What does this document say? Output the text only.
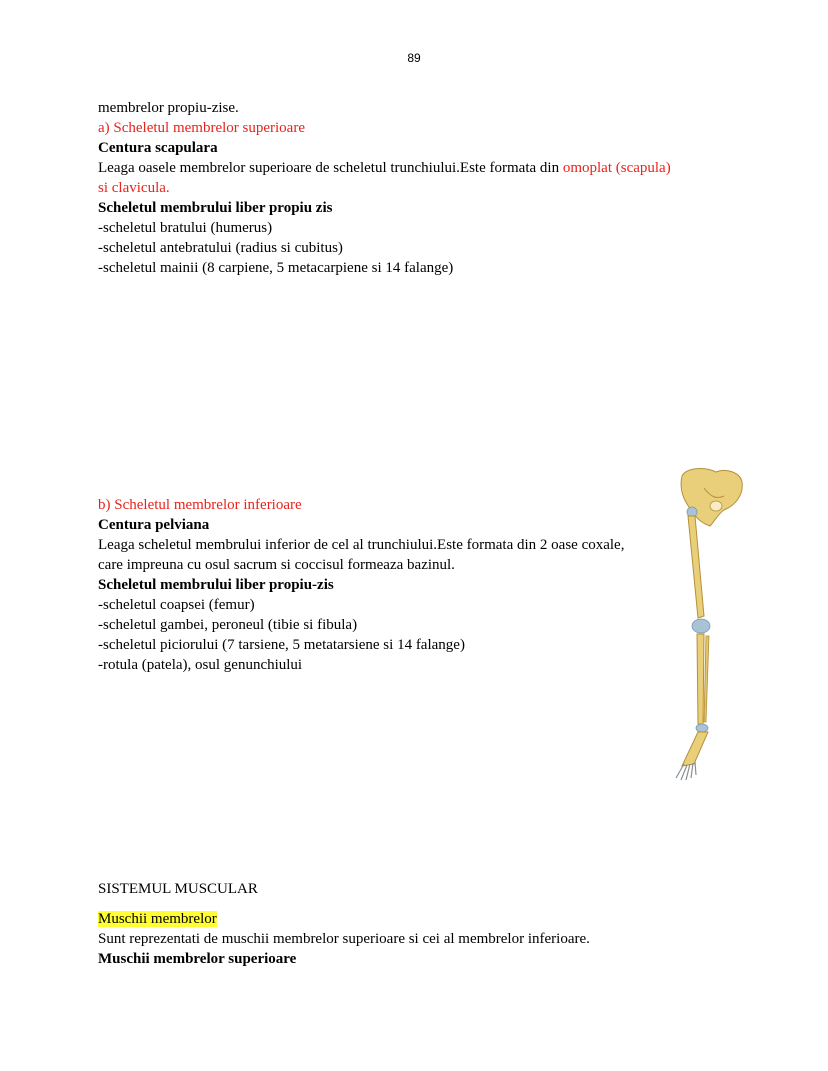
89
membrelor propiu-zise.
a) Scheletul membrelor superioare
Centura scapulara
Leaga oasele membrelor superioare de scheletul trunchiului.Este formata din omoplat (scapula)
si clavicula.
Scheletul membrului liber propiu zis
-scheletul bratului (humerus)
-scheletul antebratului (radius si cubitus)
-scheletul mainii (8 carpiene, 5 metacarpiene si 14 falange)
b) Scheletul membrelor inferioare
Centura pelviana
Leaga scheletul membrului inferior de cel al trunchiului.Este formata din 2 oase coxale, care impreuna cu osul sacrum si coccisul formeaza bazinul.
Scheletul membrului liber propiu-zis
-scheletul coapsei (femur)
-scheletul gambei, peroneul (tibie si fibula)
-scheletul piciorului (7 tarsiene, 5 metatarsiene si 14 falange)
-rotula (patela), osul genunchiului
SISTEMUL MUSCULAR
Muschii membrelor
Sunt reprezentati de muschii membrelor superioare si cei al membrelor inferioare.
Muschii membrelor superioare
